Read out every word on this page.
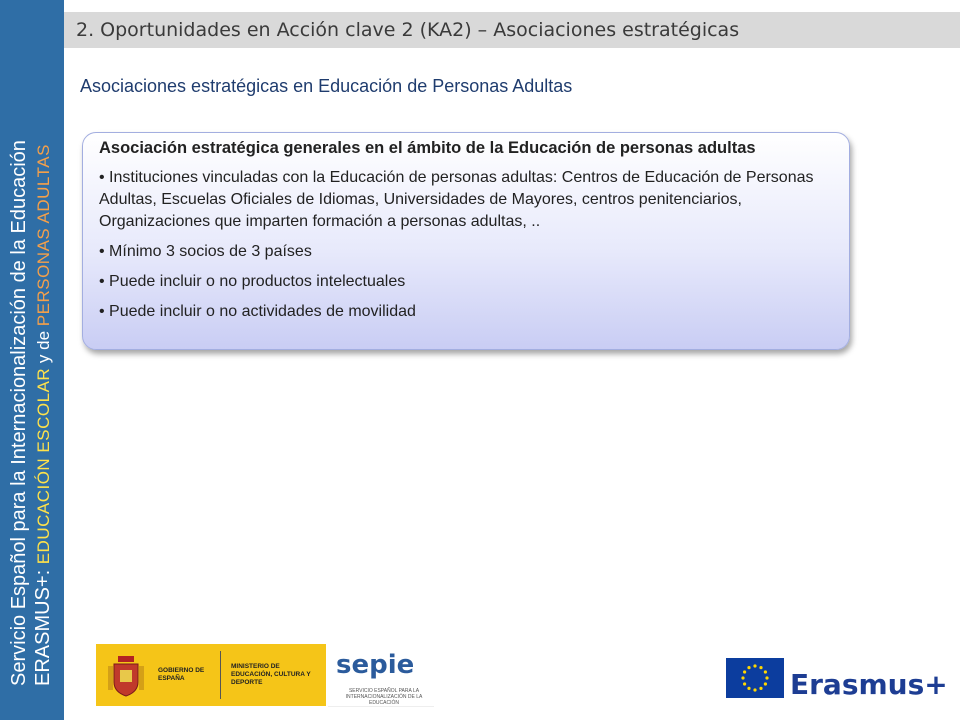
Servicio Español para la Internacionalización de la Educación ERASMUS+: EDUCACIÓN ESCOLAR y de PERSONAS ADULTAS
2. Oportunidades en Acción clave 2 (KA2) – Asociaciones estratégicas
Asociaciones estratégicas en Educación de Personas Adultas
Asociación estratégica generales en el ámbito de la Educación de personas adultas
• Instituciones vinculadas con la Educación de personas adultas: Centros de Educación de Personas Adultas, Escuelas Oficiales de Idiomas, Universidades de Mayores, centros penitenciarios, Organizaciones que imparten formación a personas adultas, ..
• Mínimo 3 socios de 3 países
• Puede incluir o no productos intelectuales
• Puede incluir o no actividades de movilidad
GOBIERNO DE ESPAÑA
MINISTERIO DE EDUCACIÓN, CULTURA Y DEPORTE
sepie
SERVICIO ESPAÑOL PARA LA INTERNACIONALIZACIÓN DE LA EDUCACIÓN
Erasmus+
